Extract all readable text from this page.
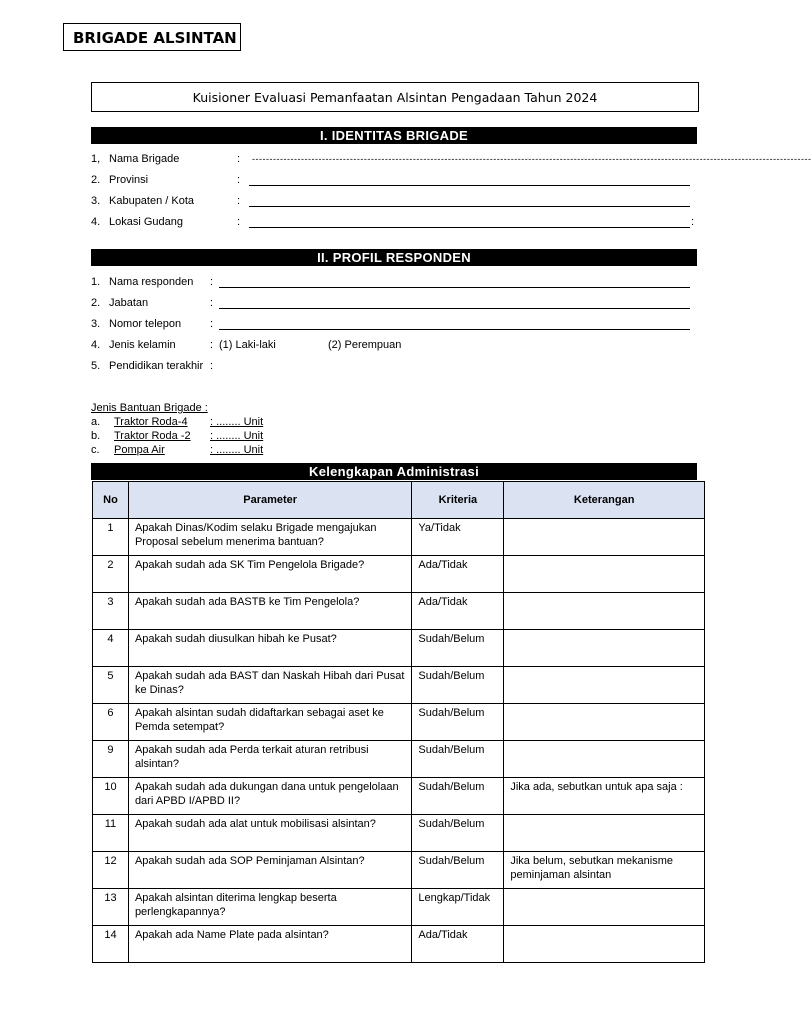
BRIGADE ALSINTAN
Kuisioner Evaluasi Pemanfaatan Alsintan Pengadaan Tahun 2024
I. IDENTITAS BRIGADE
1, Nama Brigade	: ----------------------------------------------------------------------------------------------------------------------------------------------------------------
2. Provinsi	:
3. Kabupaten / Kota	:
4. Lokasi Gudang	:	:
II. PROFIL RESPONDEN
1. Nama responden :
2. Jabatan	:
3. Nomor telepon	:
4. Jenis kelamin	: (1) Laki-laki	(2) Perempuan
5. Pendidikan terakhir :
Jenis Bantuan Brigade :
a. Traktor Roda-4	: ........ Unit
b. Traktor Roda -2	: ........ Unit
c. Pompa Air	: ........ Unit
Kelengkapan Administrasi
No	Parameter	Kriteria	Keterangan
1	Apakah Dinas/Kodim selaku Brigade mengajukan Proposal sebelum menerima bantuan?	Ya/Tidak	
2	Apakah sudah ada SK Tim Pengelola Brigade?	Ada/Tidak	
3	Apakah sudah ada BASTB ke Tim Pengelola?	Ada/Tidak	
4	Apakah sudah diusulkan hibah ke Pusat?	Sudah/Belum	
5	Apakah sudah ada BAST dan Naskah Hibah dari Pusat ke Dinas?	Sudah/Belum	
6	Apakah alsintan sudah didaftarkan sebagai aset ke Pemda setempat?	Sudah/Belum	
9	Apakah sudah ada Perda terkait aturan retribusi alsintan?	Sudah/Belum	
10	Apakah sudah ada dukungan dana untuk pengelolaan dari APBD I/APBD II?	Sudah/Belum	Jika ada, sebutkan untuk apa saja :
11	Apakah sudah ada alat untuk mobilisasi alsintan?	Sudah/Belum	
12	Apakah sudah ada SOP Peminjaman Alsintan?	Sudah/Belum	Jika belum, sebutkan mekanisme peminjaman alsintan
13	Apakah alsintan diterima lengkap beserta perlengkapannya?	Lengkap/Tidak	
14	Apakah ada Name Plate pada alsintan?	Ada/Tidak	
